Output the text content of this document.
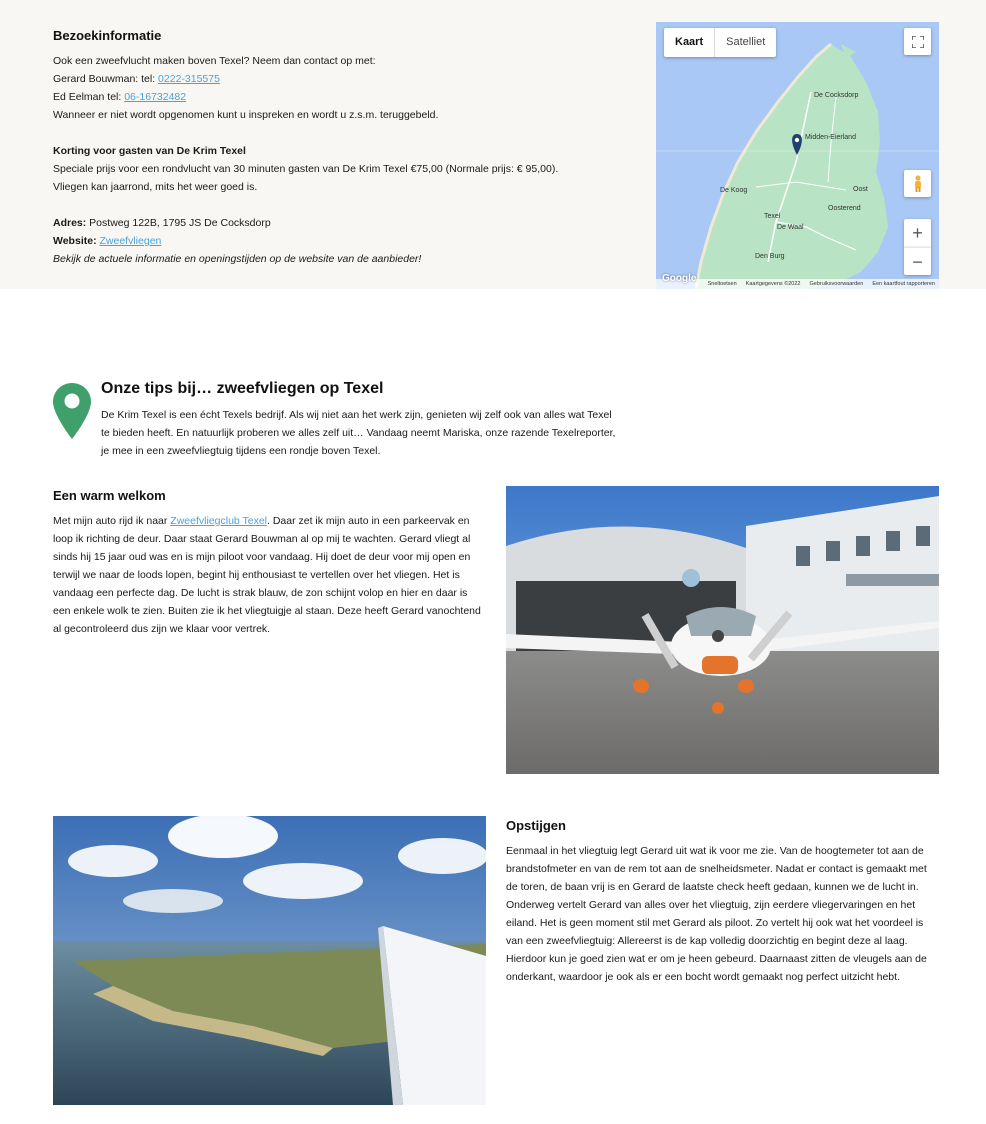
Bezoekinformatie

Ook een zweefvlucht maken boven Texel? Neem dan contact op met:

Gerard Bouwman: tel: 0222-315575

Ed Eelman tel: 06-16732482

Wanneer er niet wordt opgenomen kunt u inspreken en wordt u z.s.m. teruggebeld.

Korting voor gasten van De Krim Texel

Speciale prijs voor een rondvlucht van 30 minuten gasten van De Krim Texel €75,00 (Normale prijs: € 95,00).

Vliegen kan jaarrond, mits het weer goed is.

Adres: Postweg 122B, 1795 JS De Cocksdorp

Website: Zweefvliegen

Bekijk de actuele informatie en openingstijden op de website van de aanbieder!

De Cocksdorp
Midden-Eierland
De Koog	Oost
Oosterend
Texel
De Waal
Den Burg
Kaart	Satelliet
+
−
Sneltoetsen Kaartgegevens ©2022 Gebruiksvoorwaarden Een kaartfout rapporteren
Google
Onze tips bij… zweefvliegen op Texel

De Krim Texel is een écht Texels bedrijf. Als wij niet aan het werk zijn, genieten wij zelf ook van alles wat Texel te bieden heeft. En natuurlijk proberen we alles zelf uit… Vandaag neemt Mariska, onze razende Texelreporter, je mee in een zweefvliegtuig tijdens een rondje boven Texel.

Een warm welkom

Met mijn auto rijd ik naar Zweefvliegclub Texel. Daar zet ik mijn auto in een parkeervak en loop ik richting de deur. Daar staat Gerard Bouwman al op mij te wachten. Gerard vliegt al sinds hij 15 jaar oud was en is mijn piloot voor vandaag. Hij doet de deur voor mij open en terwijl we naar de loods lopen, begint hij enthousiast te vertellen over het vliegen. Het is vandaag een perfecte dag. De lucht is strak blauw, de zon schijnt volop en hier en daar is een enkele wolk te zien. Buiten zie ik het vliegtuigje al staan. Deze heeft Gerard vanochtend al gecontroleerd dus zijn we klaar voor vertrek.

Opstijgen

Eenmaal in het vliegtuig legt Gerard uit wat ik voor me zie. Van de hoogtemeter tot aan de brandstofmeter en van de rem tot aan de snelheidsmeter. Nadat er contact is gemaakt met de toren, de baan vrij is en Gerard de laatste check heeft gedaan, kunnen we de lucht in.

Onderweg vertelt Gerard van alles over het vliegtuig, zijn eerdere vliegervaringen en het eiland. Het is geen moment stil met Gerard als piloot. Zo vertelt hij ook wat het voordeel is van een zweefvliegtuig: Allereerst is de kap volledig doorzichtig en begint deze al laag. Hierdoor kun je goed zien wat er om je heen gebeurd. Daarnaast zitten de vleugels aan de onderkant, waardoor je ook als er een bocht wordt gemaakt nog perfect uitzicht hebt.
